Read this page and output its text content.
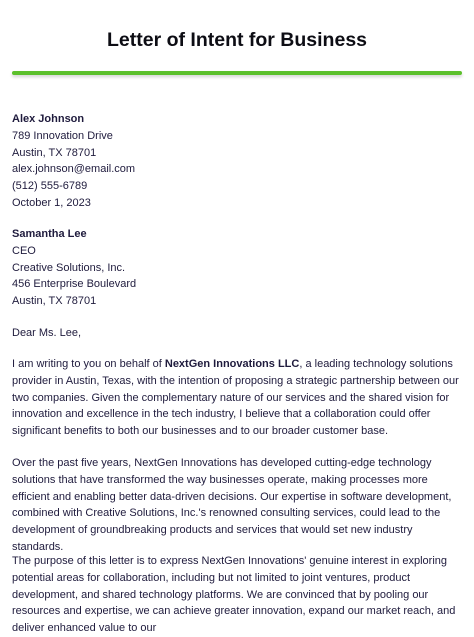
Letter of Intent for Business
Alex Johnson
789 Innovation Drive
Austin, TX 78701
alex.johnson@email.com
(512) 555-6789
October 1, 2023
Samantha Lee
CEO
Creative Solutions, Inc.
456 Enterprise Boulevard
Austin, TX 78701
Dear Ms. Lee,

I am writing to you on behalf of NextGen Innovations LLC, a leading technology solutions provider in Austin, Texas, with the intention of proposing a strategic partnership between our two companies. Given the complementary nature of our services and the shared vision for innovation and excellence in the tech industry, I believe that a collaboration could offer significant benefits to both our businesses and to our broader customer base.

Over the past five years, NextGen Innovations has developed cutting-edge technology solutions that have transformed the way businesses operate, making processes more efficient and enabling better data-driven decisions. Our expertise in software development, combined with Creative Solutions, Inc.'s renowned consulting services, could lead to the development of groundbreaking products and services that would set new industry standards.

The purpose of this letter is to express NextGen Innovations' genuine interest in exploring potential areas for collaboration, including but not limited to joint ventures, product development, and shared technology platforms. We are convinced that by pooling our resources and expertise, we can achieve greater innovation, expand our market reach, and deliver enhanced value to our
